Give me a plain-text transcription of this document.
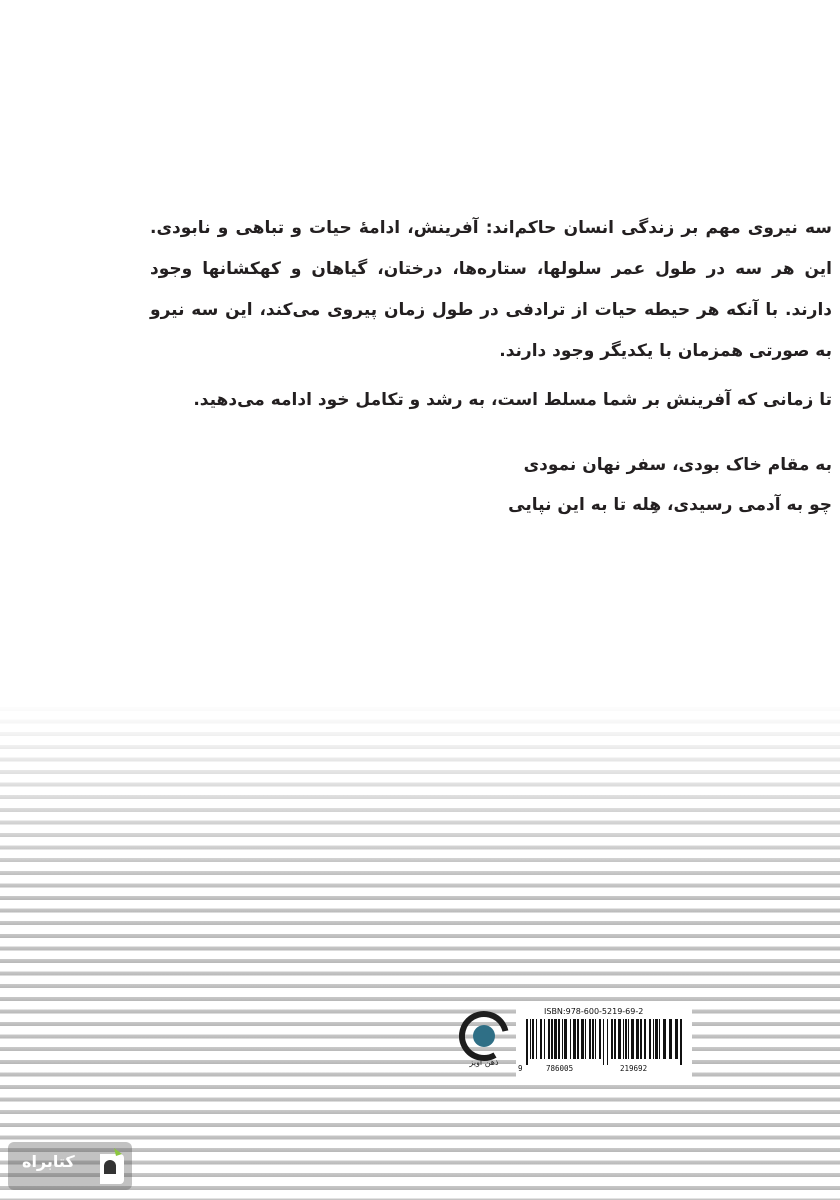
سه نیروی مهم بر زندگی انسان حاکم‌اند: آفرینش، ادامهٔ حیات و تباهی و نابودی. این هر سه در طول عمر سلولها، ستاره‌ها، درختان، گیاهان و کهکشانها وجود دارند. با آنکه هر حیطه حیات از ترادفی در طول زمان پیروی می‌کند، این سه نیرو به صورتی همزمان با یکدیگر وجود دارند.

تا زمانی که آفرینش بر شما مسلط است، به رشد و تکامل خود ادامه می‌دهید.

به مقام خاک بودی، سفر نهان نمودی
چو به آدمی رسیدی، هِله تا به این نپایی
ذهن آویز
ISBN:978-600-5219-69-2
9	786005	219692
کتابراه
